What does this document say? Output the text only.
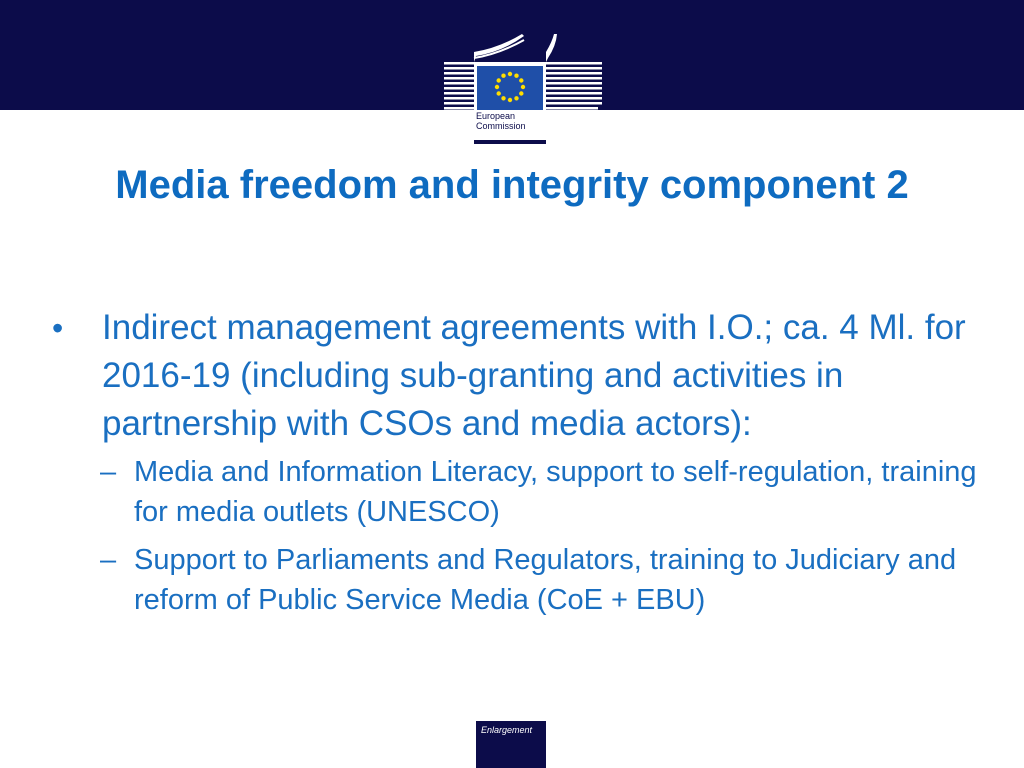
European
Commission
Media freedom and integrity component 2
• Indirect management agreements with I.O.; ca. 4 Ml. for 2016-19 (including sub-granting and activities in partnership with CSOs and media actors):
– Media and Information Literacy, support to self-regulation, training for media outlets (UNESCO)
– Support to Parliaments and Regulators, training to Judiciary and reform of Public Service Media (CoE + EBU)
Enlargement
